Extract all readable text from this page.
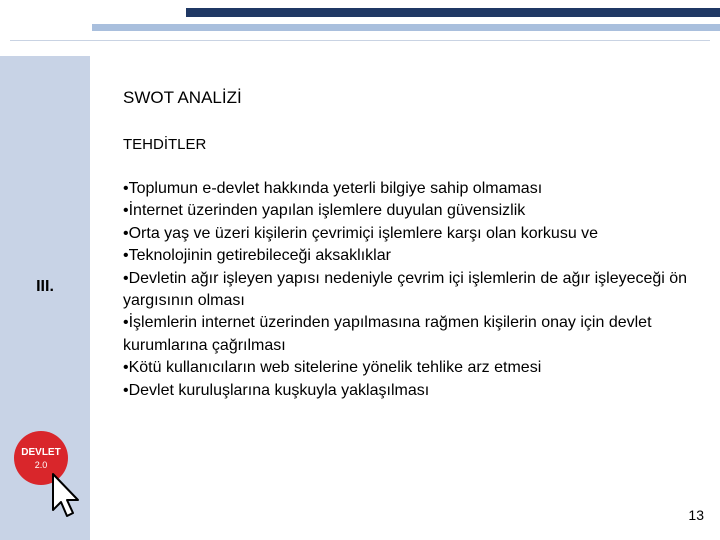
III.
SWOT ANALİZİ
TEHDİTLER

•Toplumun e-devlet hakkında yeterli bilgiye sahip olmaması

•İnternet üzerinden yapılan işlemlere duyulan güvensizlik

•Orta yaş ve üzeri kişilerin çevrimiçi işlemlere karşı olan korkusu ve

•Teknolojinin getirebileceği aksaklıklar

•Devletin ağır işleyen yapısı nedeniyle çevrim içi işlemlerin de ağır işleyeceği ön yargısının olması

•İşlemlerin internet üzerinden yapılmasına rağmen kişilerin onay için devlet kurumlarına çağrılması

•Kötü kullanıcıların web sitelerine yönelik tehlike arz etmesi

•Devlet kuruluşlarına kuşkuyla yaklaşılması

DEVLET
2.0
13
